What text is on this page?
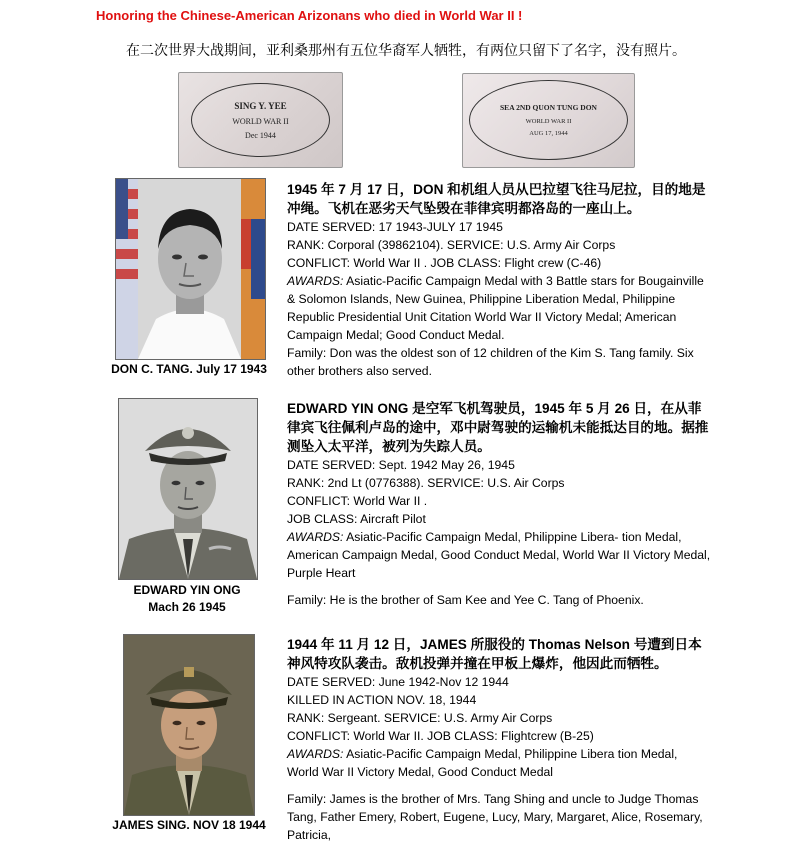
Honoring the Chinese-American Arizonans who died in World War II !
在二次世界大战期间，亚利桑那州有五位华裔军人牺牲，有两位只留下了名字，没有照片。
SING Y. YEE
WORLD WAR II
Dec 1944
SEA 2ND QUON TUNG DON
WORLD WAR II
AUG 17, 1944
DON C. TANG. July 17 1943

1945 年 7 月 17 日，DON 和机组人员从巴拉望飞往马尼拉，目的地是冲绳。飞机在恶劣天气坠毁在菲律宾明都洛岛的一座山上。

DATE SERVED: 17 1943-JULY 17 1945

RANK: Corporal (39862104). SERVICE: U.S. Army Air Corps

CONFLICT: World War II . JOB CLASS: Flight crew (C-46)

AWARDS: Asiatic-Pacific Campaign Medal with 3 Battle stars for Bougainville & Solomon Islands, New Guinea, Philippine Liberation Medal, Philippine Republic Presidential Unit Citation World War II Victory Medal; American Campaign Medal; Good Conduct Medal.

Family: Don was the oldest son of 12 children of the Kim S. Tang family. Six other brothers also served.

EDWARD YIN ONG
Mach 26 1945

EDWARD YIN ONG 是空军飞机驾驶员，1945 年 5 月 26 日，在从菲律宾飞往佩利卢岛的途中，邓中尉驾驶的运输机未能抵达目的地。据推测坠入太平洋，被列为失踪人员。

DATE SERVED: Sept. 1942 May 26, 1945

RANK: 2nd Lt (0776388). SERVICE: U.S. Air Corps

CONFLICT: World War II .

JOB CLASS: Aircraft Pilot

AWARDS: Asiatic-Pacific Campaign Medal, Philippine Libera- tion Medal, American Campaign Medal, Good Conduct Medal, World War II Victory Medal, Purple Heart

Family: He is the brother of Sam Kee and Yee C. Tang of Phoenix.

JAMES SING. NOV 18 1944

1944 年 11 月 12 日，JAMES 所服役的 Thomas Nelson 号遭到日本神风特攻队袭击。敌机投弹并撞在甲板上爆炸，他因此而牺牲。

DATE SERVED: June 1942-Nov 12 1944

KILLED IN ACTION NOV. 18, 1944

RANK: Sergeant. SERVICE: U.S. Army Air Corps

CONFLICT: World War II. JOB CLASS: Flightcrew (B-25)

AWARDS: Asiatic-Pacific Campaign Medal, Philippine Libera tion Medal, World War II Victory Medal, Good Conduct Medal

Family: James is the brother of Mrs. Tang Shing and uncle to Judge Thomas Tang, Father Emery, Robert, Eugene, Lucy, Mary, Margaret, Alice, Rosemary, Patricia,
